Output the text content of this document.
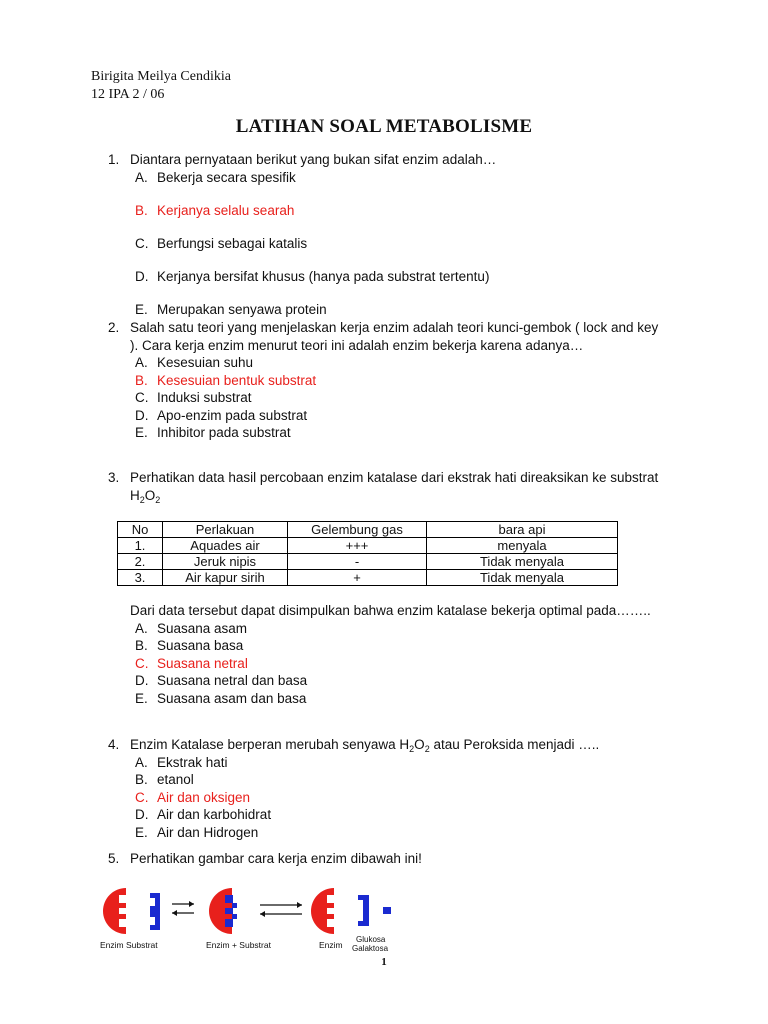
Birigita Meilya Cendikia
12 IPA 2 / 06
LATIHAN SOAL METABOLISME
1. Diantara pernyataan berikut yang bukan sifat enzim adalah…
A. Bekerja secara spesifik
B. Kerjanya selalu searah
C. Berfungsi sebagai katalis
D. Kerjanya bersifat khusus (hanya pada substrat tertentu)
E. Merupakan senyawa protein
2. Salah satu teori yang menjelaskan kerja enzim adalah teori kunci-gembok ( lock and key ). Cara kerja enzim menurut teori ini adalah enzim bekerja karena adanya…
A. Kesesuian suhu
B. Kesesuian bentuk substrat
C. Induksi substrat
D. Apo-enzim pada substrat
E. Inhibitor pada substrat
3. Perhatikan data hasil percobaan enzim katalase dari ekstrak hati direaksikan ke substrat $H_2O_2$
No	Perlakuan	Gelembung gas	bara api
1.	Aquades air	+++	menyala
2.	Jeruk nipis	-	Tidak menyala
3.	Air kapur sirih	+	Tidak menyala
Dari data tersebut dapat disimpulkan bahwa enzim katalase bekerja optimal pada……..
A. Suasana asam
B. Suasana basa
C. Suasana netral
D. Suasana netral dan basa
E. Suasana asam dan basa
4. Enzim Katalase berperan merubah senyawa $H_2O_2$ atau Peroksida menjadi …..
A. Ekstrak hati
B. etanol
C. Air dan oksigen
D. Air dan karbohidrat
E. Air dan Hidrogen
5. Perhatikan gambar cara kerja enzim dibawah ini!
Enzim Substrat	Enzim + Substrat	Enzim
Glukosa
Galaktosa
1
